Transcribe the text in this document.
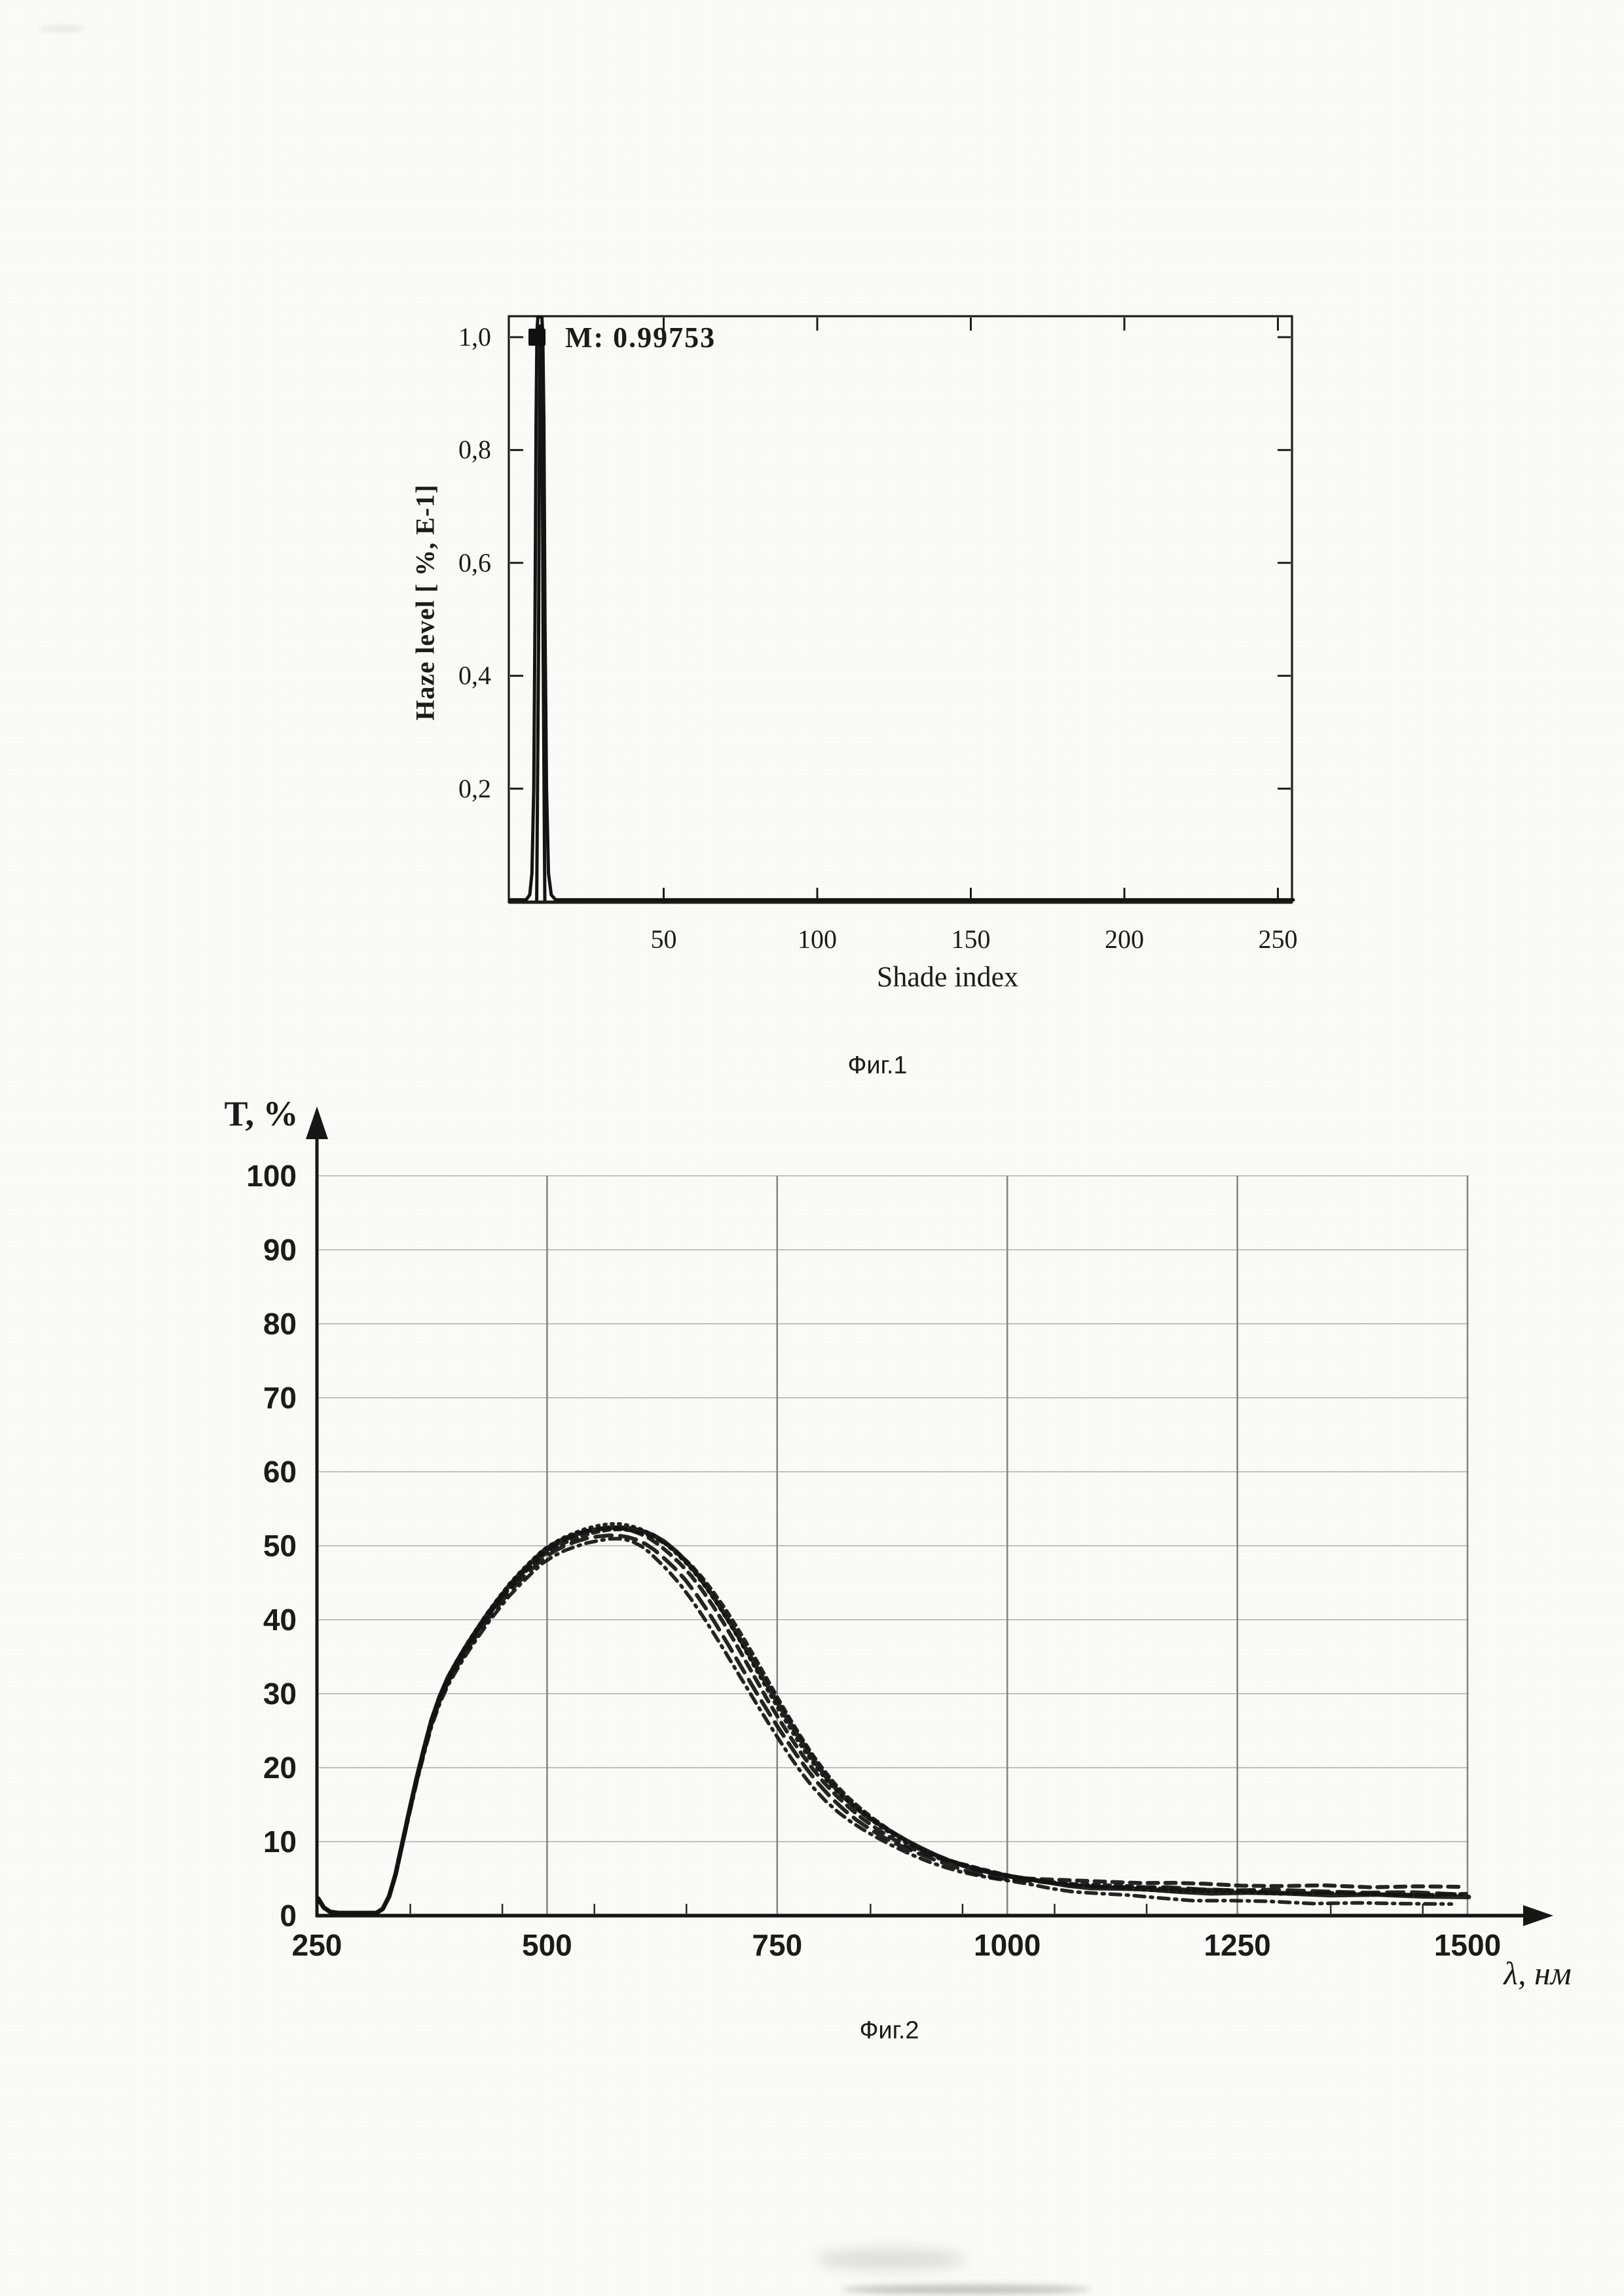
Haze level [ %, E-1]
Shade index
M: 0.99753
Фиг.1
T, %
λ, нм
Фиг.2
50	100	150	200	250
1,0
0,8
0,6
0,4
0,2
10
20
30
40
50
60
70
80
90
100
0
250	500	750	1000	1250	1500
